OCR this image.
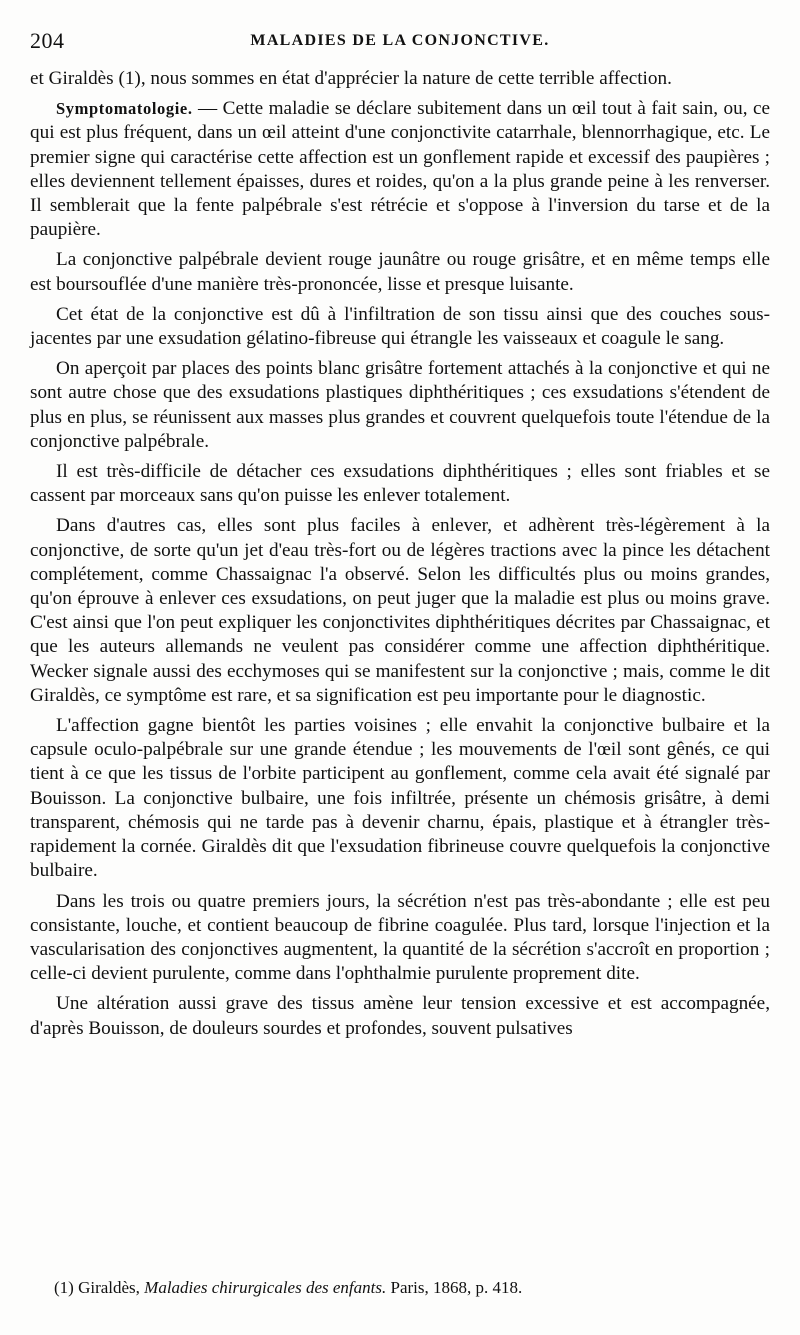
204	MALADIES DE LA CONJONCTIVE.

et Giraldès (1), nous sommes en état d'apprécier la nature de cette terrible affection.

Symptomatologie. — Cette maladie se déclare subitement dans un œil tout à fait sain, ou, ce qui est plus fréquent, dans un œil atteint d'une conjonctivite catarrhale, blennorrhagique, etc. Le premier signe qui caractérise cette affection est un gonflement rapide et excessif des paupières ; elles deviennent tellement épaisses, dures et roides, qu'on a la plus grande peine à les renverser. Il semblerait que la fente palpébrale s'est rétrécie et s'oppose à l'inversion du tarse et de la paupière.

La conjonctive palpébrale devient rouge jaunâtre ou rouge grisâtre, et en même temps elle est boursouflée d'une manière très-prononcée, lisse et presque luisante.

Cet état de la conjonctive est dû à l'infiltration de son tissu ainsi que des couches sous-jacentes par une exsudation gélatino-fibreuse qui étrangle les vaisseaux et coagule le sang.

On aperçoit par places des points blanc grisâtre fortement attachés à la conjonctive et qui ne sont autre chose que des exsudations plastiques diphthéritiques ; ces exsudations s'étendent de plus en plus, se réunissent aux masses plus grandes et couvrent quelquefois toute l'étendue de la conjonctive palpébrale.

Il est très-difficile de détacher ces exsudations diphthéritiques ; elles sont friables et se cassent par morceaux sans qu'on puisse les enlever totalement.

Dans d'autres cas, elles sont plus faciles à enlever, et adhèrent très-légèrement à la conjonctive, de sorte qu'un jet d'eau très-fort ou de légères tractions avec la pince les détachent complétement, comme Chassaignac l'a observé. Selon les difficultés plus ou moins grandes, qu'on éprouve à enlever ces exsudations, on peut juger que la maladie est plus ou moins grave. C'est ainsi que l'on peut expliquer les conjonctivites diphthéritiques décrites par Chassaignac, et que les auteurs allemands ne veulent pas considérer comme une affection diphthéritique. Wecker signale aussi des ecchymoses qui se manifestent sur la conjonctive ; mais, comme le dit Giraldès, ce symptôme est rare, et sa signification est peu importante pour le diagnostic.

L'affection gagne bientôt les parties voisines ; elle envahit la conjonctive bulbaire et la capsule oculo-palpébrale sur une grande étendue ; les mouvements de l'œil sont gênés, ce qui tient à ce que les tissus de l'orbite participent au gonflement, comme cela avait été signalé par Bouisson. La conjonctive bulbaire, une fois infiltrée, présente un chémosis grisâtre, à demi transparent, chémosis qui ne tarde pas à devenir charnu, épais, plastique et à étrangler très-rapidement la cornée. Giraldès dit que l'exsudation fibrineuse couvre quelquefois la conjonctive bulbaire.

Dans les trois ou quatre premiers jours, la sécrétion n'est pas très-abondante ; elle est peu consistante, louche, et contient beaucoup de fibrine coagulée. Plus tard, lorsque l'injection et la vascularisation des conjonctives augmentent, la quantité de la sécrétion s'accroît en proportion ; celle-ci devient purulente, comme dans l'ophthalmie purulente proprement dite.

Une altération aussi grave des tissus amène leur tension excessive et est accompagnée, d'après Bouisson, de douleurs sourdes et profondes, souvent pulsatives

(1) Giraldès, Maladies chirurgicales des enfants. Paris, 1868, p. 418.
